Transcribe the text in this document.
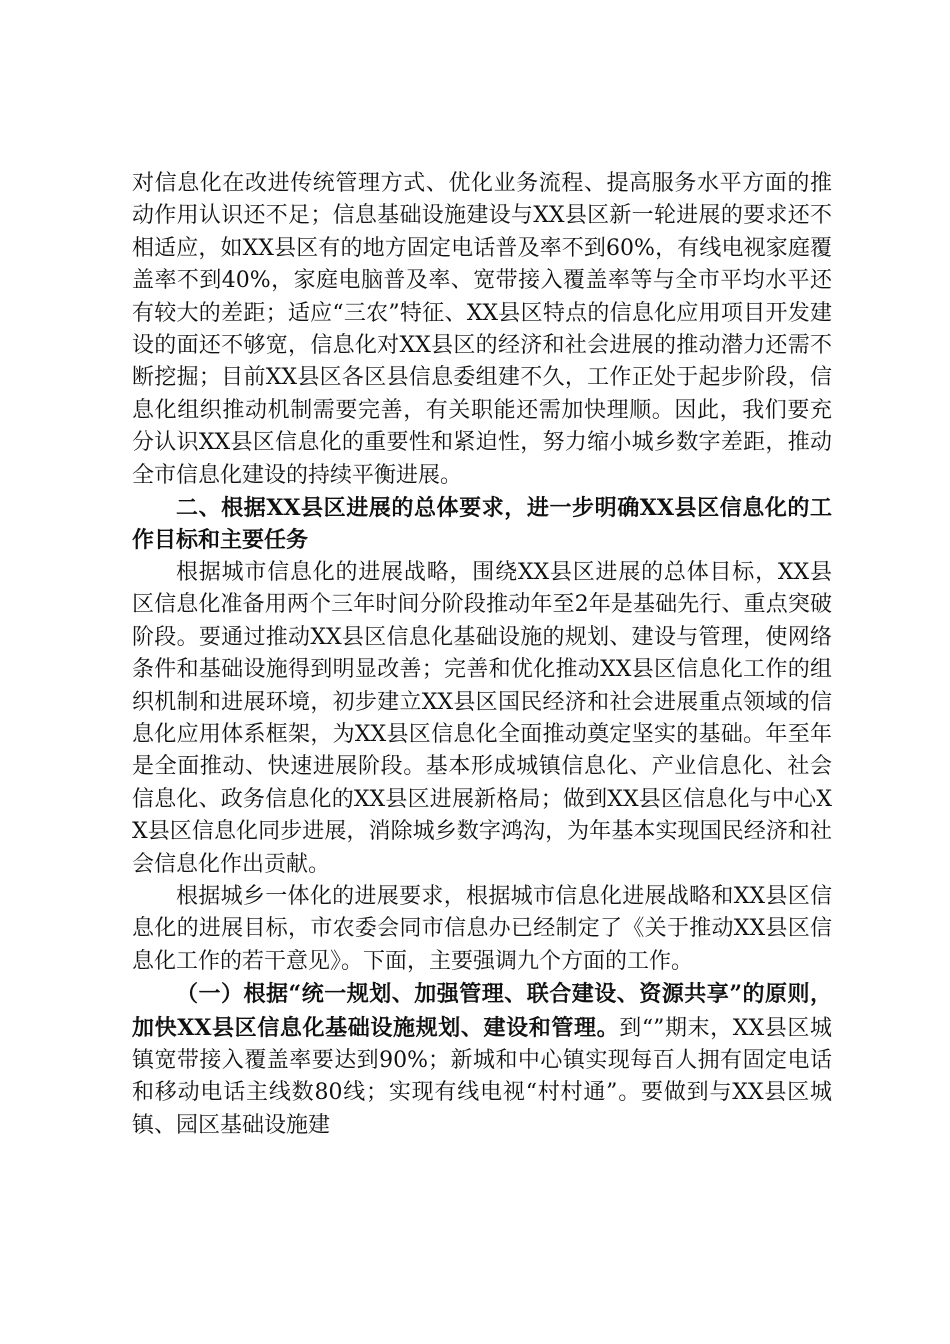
对信息化在改进传统管理方式、优化业务流程、提高服务水平方面的推动作用认识还不足；信息基础设施建设与XX县区新一轮进展的要求还不相适应，如XX县区有的地方固定电话普及率不到60%，有线电视家庭覆盖率不到40%，家庭电脑普及率、宽带接入覆盖率等与全市平均水平还有较大的差距；适应“三农”特征、XX县区特点的信息化应用项目开发建设的面还不够宽，信息化对XX县区的经济和社会进展的推动潜力还需不断挖掘；目前XX县区各区县信息委组建不久，工作正处于起步阶段，信息化组织推动机制需要完善，有关职能还需加快理顺。因此，我们要充分认识XX县区信息化的重要性和紧迫性，努力缩小城乡数字差距，推动全市信息化建设的持续平衡进展。

二、根据XX县区进展的总体要求，进一步明确XX县区信息化的工作目标和主要任务

根据城市信息化的进展战略，围绕XX县区进展的总体目标，XX县区信息化准备用两个三年时间分阶段推动年至2年是基础先行、重点突破阶段。要通过推动XX县区信息化基础设施的规划、建设与管理，使网络条件和基础设施得到明显改善；完善和优化推动XX县区信息化工作的组织机制和进展环境，初步建立XX县区国民经济和社会进展重点领域的信息化应用体系框架，为XX县区信息化全面推动奠定坚实的基础。年至年是全面推动、快速进展阶段。基本形成城镇信息化、产业信息化、社会信息化、政务信息化的XX县区进展新格局；做到XX县区信息化与中心XX县区信息化同步进展，消除城乡数字鸿沟，为年基本实现国民经济和社会信息化作出贡献。

根据城乡一体化的进展要求，根据城市信息化进展战略和XX县区信息化的进展目标，市农委会同市信息办已经制定了《关于推动XX县区信息化工作的若干意见》。下面，主要强调九个方面的工作。

（一）根据“统一规划、加强管理、联合建设、资源共享”的原则，加快XX县区信息化基础设施规划、建设和管理。到“”期末，XX县区城镇宽带接入覆盖率要达到90%；新城和中心镇实现每百人拥有固定电话和移动电话主线数80线；实现有线电视“村村通”。要做到与XX县区城镇、园区基础设施建
